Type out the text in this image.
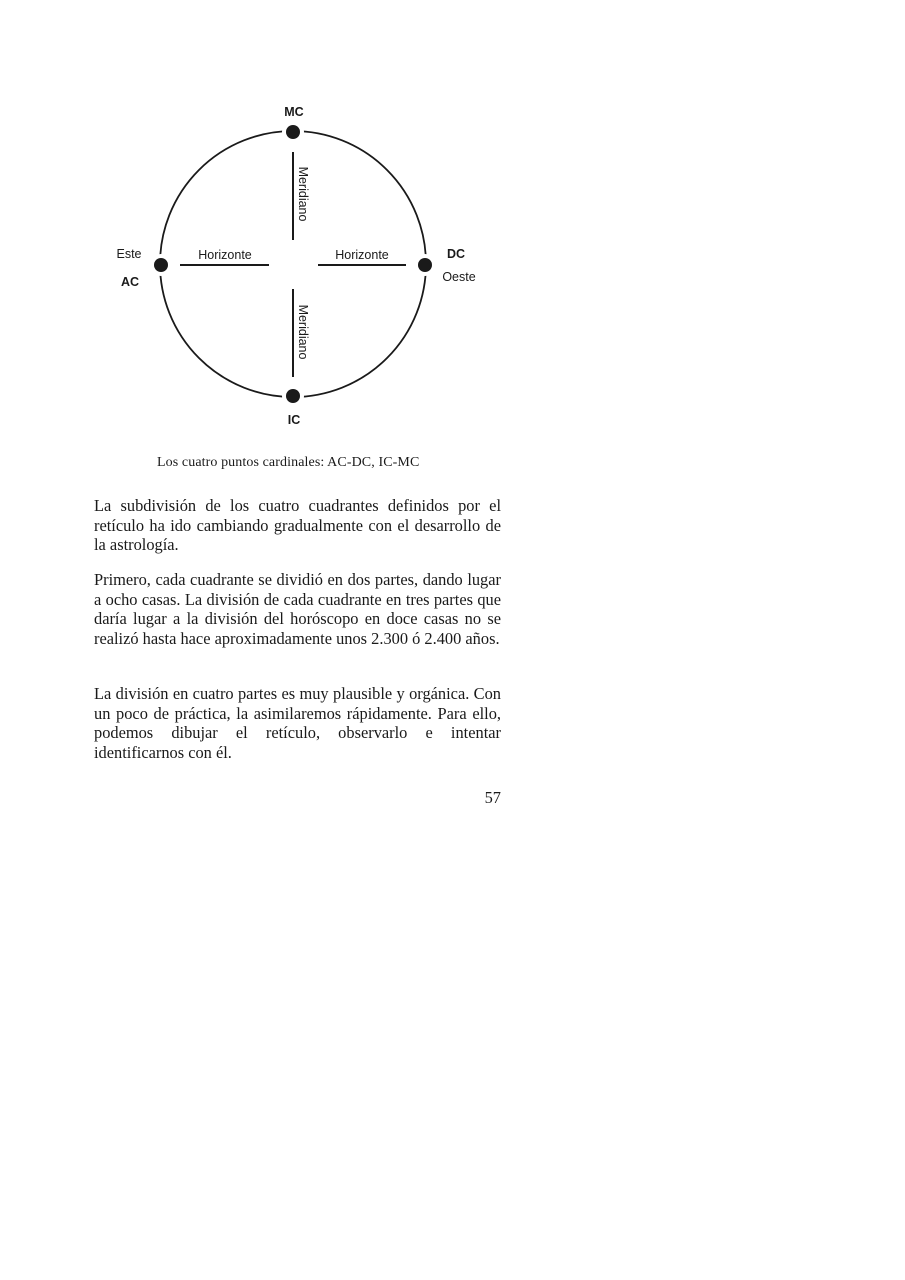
MC
IC
AC
DC
Este
Oeste
Horizonte	Horizonte
Meridiano
Meridiano
Los cuatro puntos cardinales: AC-DC, IC-MC

La subdivisión de los cuatro cuadrantes definidos por el retículo ha ido cambiando gradualmente con el desarrollo de la astrología.

Primero, cada cuadrante se dividió en dos partes, dando lugar a ocho casas. La división de cada cuadrante en tres partes que daría lugar a la división del horóscopo en doce casas no se realizó hasta hace aproximadamente unos 2.300 ó 2.400 años.

La división en cuatro partes es muy plausible y orgánica. Con un poco de práctica, la asimilaremos rápidamente. Para ello, podemos dibujar el retículo, observarlo e intentar identificarnos con él.

57
